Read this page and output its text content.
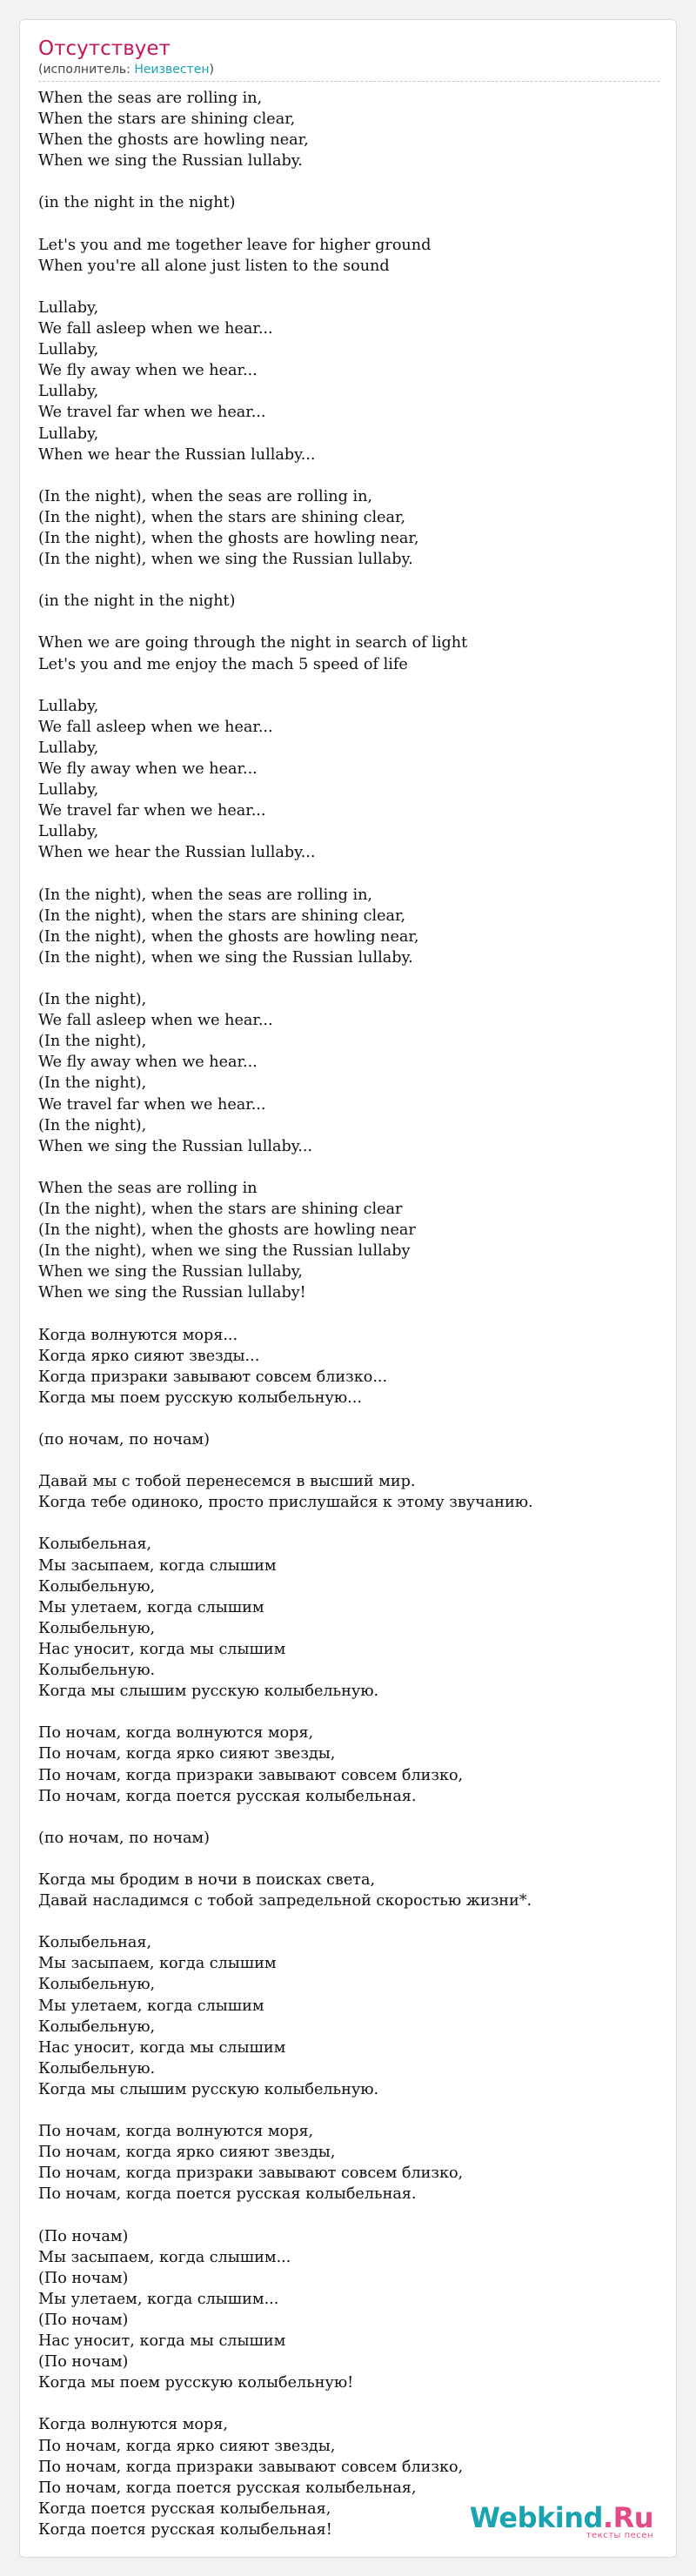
Отсутствует
(исполнитель: Неизвестен)
When the seas are rolling in,
When the stars are shining clear,
When the ghosts are howling near,
When we sing the Russian lullaby.

(in the night in the night)

Let's you and me together leave for higher ground
When you're all alone just listen to the sound

Lullaby,
We fall asleep when we hear...
Lullaby,
We fly away when we hear...
Lullaby,
We travel far when we hear...
Lullaby,
When we hear the Russian lullaby...

(In the night), when the seas are rolling in,
(In the night), when the stars are shining clear,
(In the night), when the ghosts are howling near,
(In the night), when we sing the Russian lullaby.

(in the night in the night)

When we are going through the night in search of light
Let's you and me enjoy the mach 5 speed of life

Lullaby,
We fall asleep when we hear...
Lullaby,
We fly away when we hear...
Lullaby,
We travel far when we hear...
Lullaby,
When we hear the Russian lullaby...

(In the night), when the seas are rolling in,
(In the night), when the stars are shining clear,
(In the night), when the ghosts are howling near,
(In the night), when we sing the Russian lullaby.

(In the night),
We fall asleep when we hear...
(In the night),
We fly away when we hear...
(In the night),
We travel far when we hear...
(In the night),
When we sing the Russian lullaby...

When the seas are rolling in
(In the night), when the stars are shining clear
(In the night), when the ghosts are howling near
(In the night), when we sing the Russian lullaby
When we sing the Russian lullaby,
When we sing the Russian lullaby!

Когда волнуются моря...
Когда ярко сияют звезды...
Когда призраки завывают совсем близко...
Когда мы поем русскую колыбельную...

(по ночам, по ночам)

Давай мы с тобой перенесемся в высший мир.
Когда тебе одиноко, просто прислушайся к этому звучанию.

Колыбельная,
Мы засыпаем, когда слышим
Колыбельную,
Мы улетаем, когда слышим
Колыбельную,
Нас уносит, когда мы слышим
Колыбельную.
Когда мы слышим русскую колыбельную.

По ночам, когда волнуются моря,
По ночам, когда ярко сияют звезды,
По ночам, когда призраки завывают совсем близко,
По ночам, когда поется русская колыбельная.

(по ночам, по ночам)

Когда мы бродим в ночи в поисках света,
Давай насладимся с тобой запредельной скоростью жизни*.

Колыбельная,
Мы засыпаем, когда слышим
Колыбельную,
Мы улетаем, когда слышим
Колыбельную,
Нас уносит, когда мы слышим
Колыбельную.
Когда мы слышим русскую колыбельную.

По ночам, когда волнуются моря,
По ночам, когда ярко сияют звезды,
По ночам, когда призраки завывают совсем близко,
По ночам, когда поется русская колыбельная.

(По ночам)
Мы засыпаем, когда слышим...
(По ночам)
Мы улетаем, когда слышим...
(По ночам)
Нас уносит, когда мы слышим
(По ночам)
Когда мы поем русскую колыбельную!

Когда волнуются моря,
По ночам, когда ярко сияют звезды,
По ночам, когда призраки завывают совсем близко,
По ночам, когда поется русская колыбельная,
Когда поется русская колыбельная,
Когда поется русская колыбельная!	Webkind.Ru
тексты песен
